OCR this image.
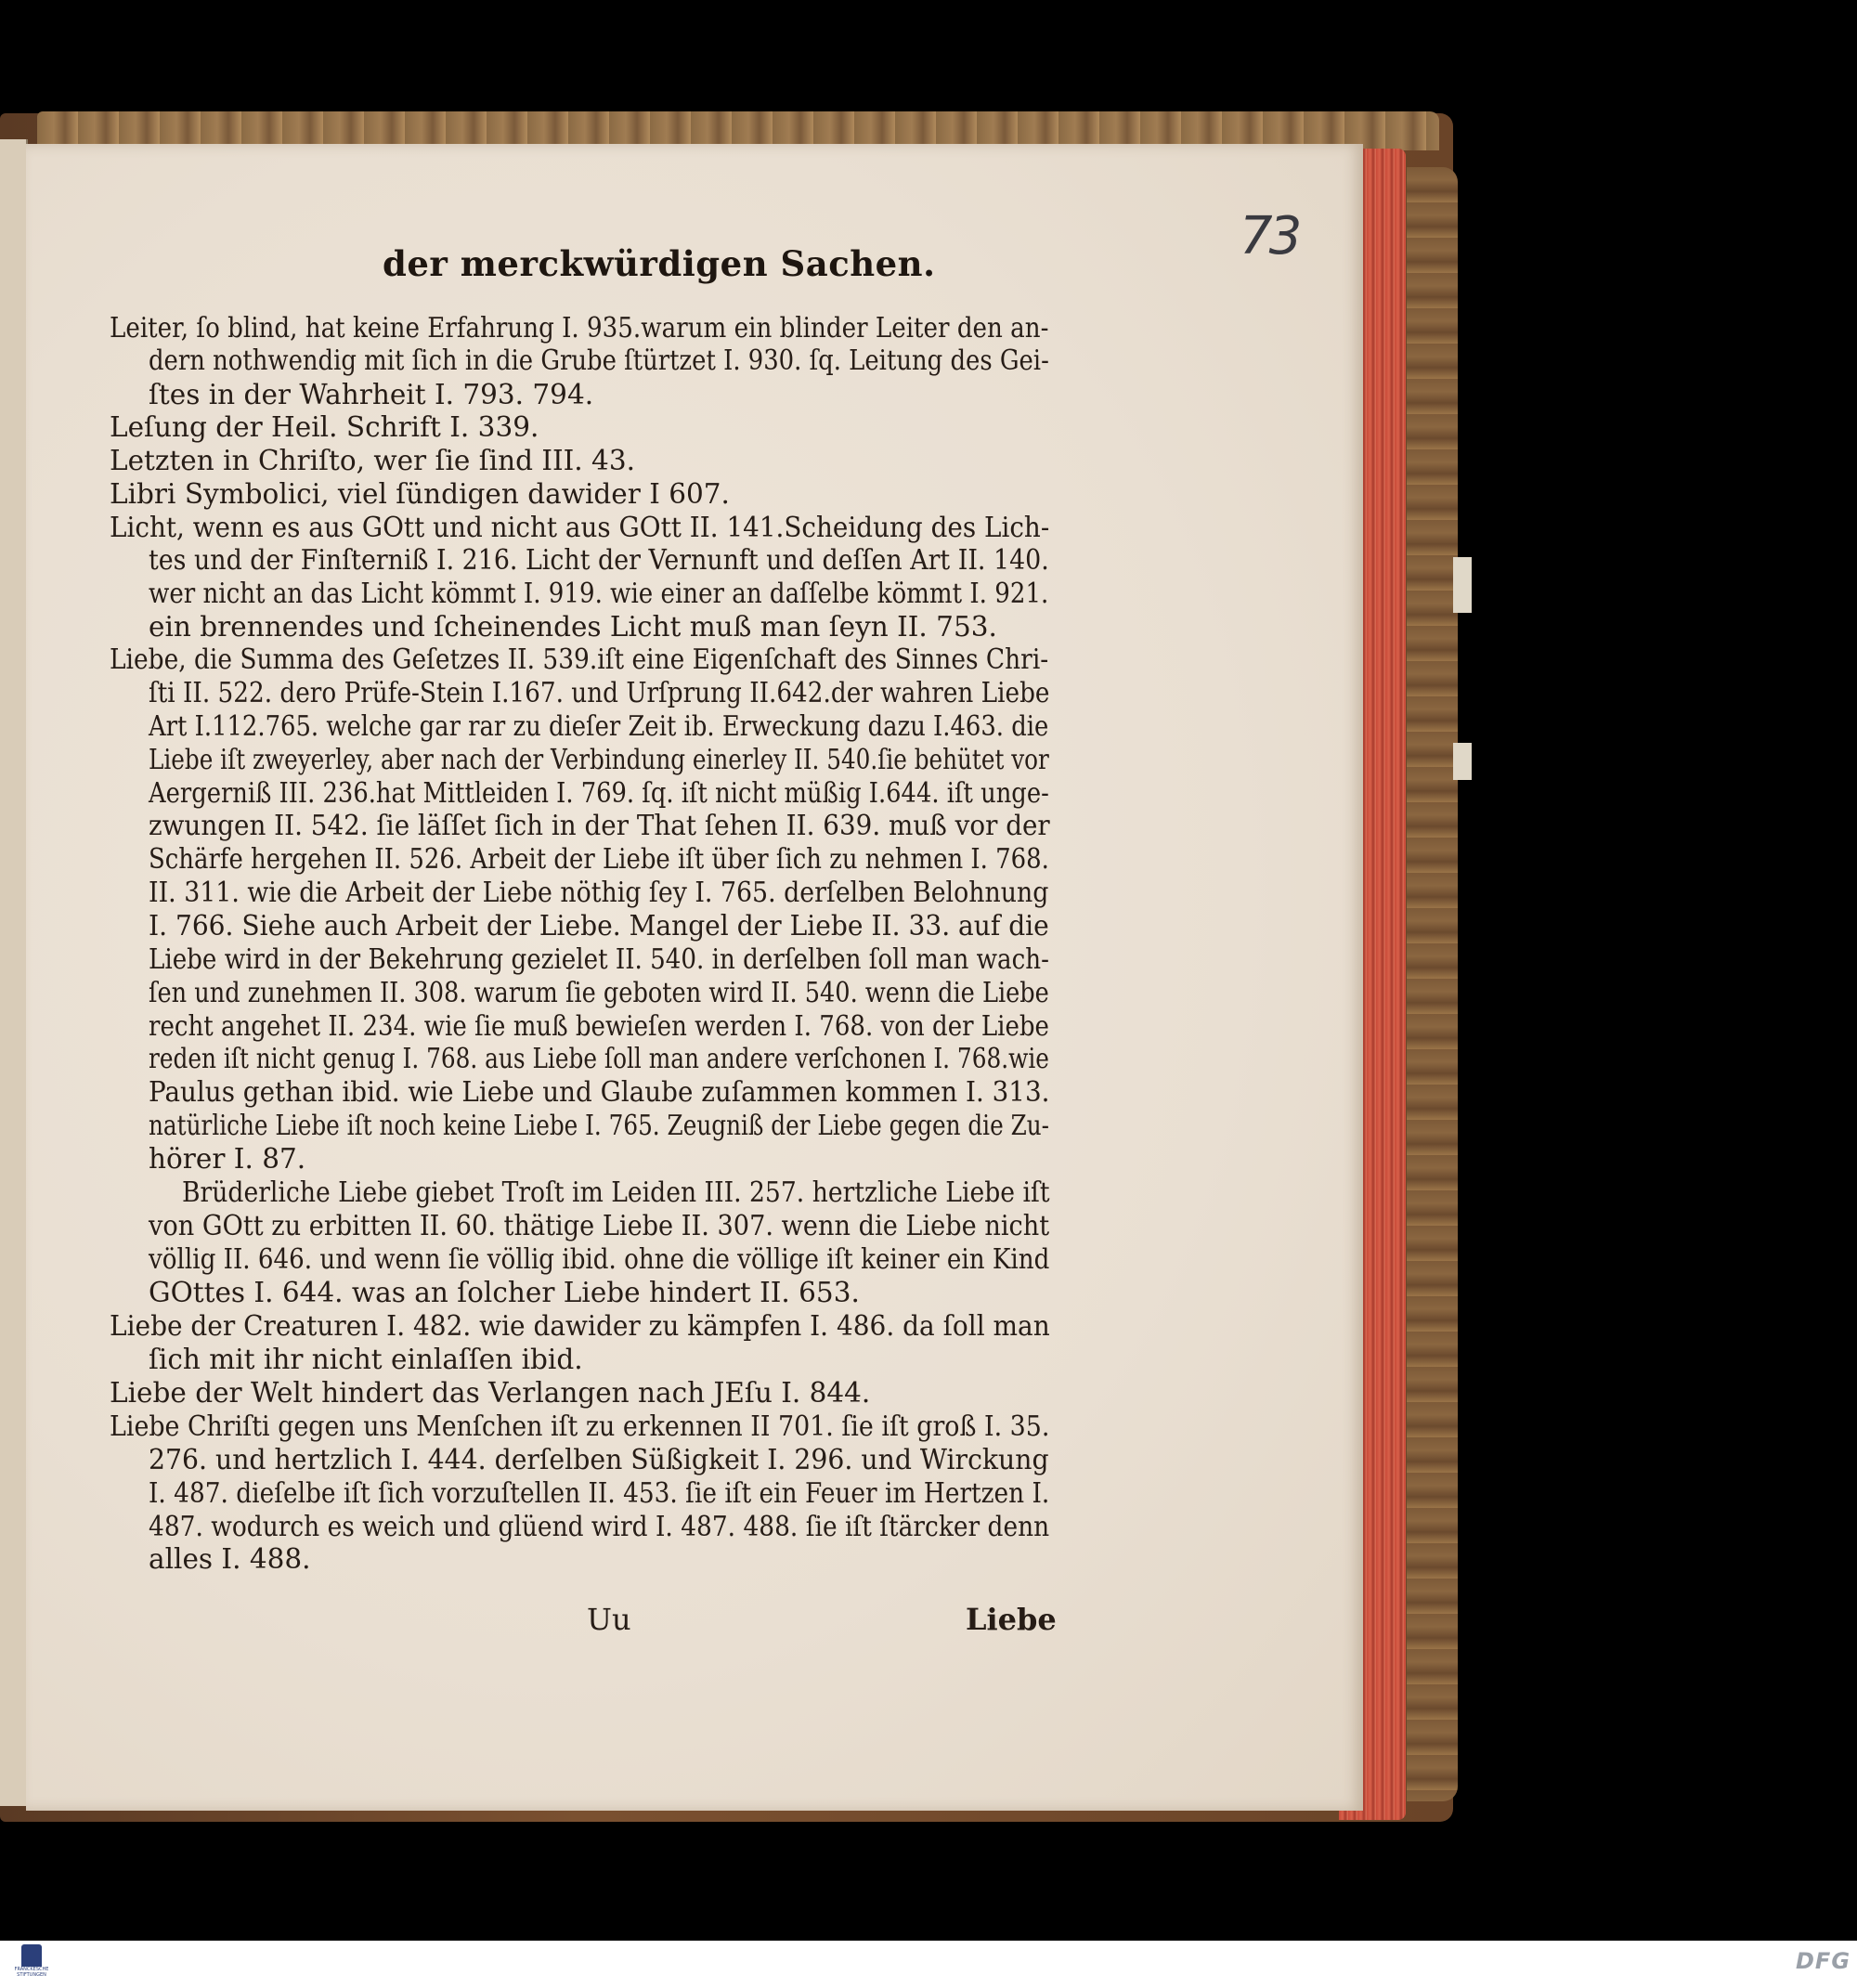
der merckwürdigen Sachen.	73
Leiter, ſo blind, hat keine Erfahrung I. 935.warum ein blinder Leiter den an-
dern nothwendig mit ſich in die Grube ſtürtzet I. 930. ſq. Leitung des Gei-
ſtes in der Wahrheit I. 793. 794.
Leſung der Heil. Schrift I. 339.
Letzten in Chriſto, wer ſie ſind III. 43.
Libri Symbolici, viel ſündigen dawider I 607.
Licht, wenn es aus GOtt und nicht aus GOtt II. 141.Scheidung des Lich-
tes und der Finſterniß I. 216. Licht der Vernunft und deſſen Art II. 140.
wer nicht an das Licht kömmt I. 919. wie einer an daſſelbe kömmt I. 921.
ein brennendes und ſcheinendes Licht muß man ſeyn II. 753.
Liebe, die Summa des Geſetzes II. 539.iſt eine Eigenſchaft des Sinnes Chri-
ſti II. 522. dero Prüfe-Stein I.167. und Urſprung II.642.der wahren Liebe
Art I.112.765. welche gar rar zu dieſer Zeit ib. Erweckung dazu I.463. die
Liebe iſt zweyerley, aber nach der Verbindung einerley II. 540.ſie behütet vor
Aergerniß III. 236.hat Mittleiden I. 769. ſq. iſt nicht müßig I.644. iſt unge-
zwungen II. 542. ſie läſſet ſich in der That ſehen II. 639. muß vor der
Schärfe hergehen II. 526. Arbeit der Liebe iſt über ſich zu nehmen I. 768.
II. 311. wie die Arbeit der Liebe nöthig ſey I. 765. derſelben Belohnung
I. 766. Siehe auch Arbeit der Liebe. Mangel der Liebe II. 33. auf die
Liebe wird in der Bekehrung gezielet II. 540. in derſelben ſoll man wach-
ſen und zunehmen II. 308. warum ſie geboten wird II. 540. wenn die Liebe
recht angehet II. 234. wie ſie muß bewieſen werden I. 768. von der Liebe
reden iſt nicht genug I. 768. aus Liebe ſoll man andere verſchonen I. 768.wie
Paulus gethan ibid. wie Liebe und Glaube zuſammen kommen I. 313.
natürliche Liebe iſt noch keine Liebe I. 765. Zeugniß der Liebe gegen die Zu-
hörer I. 87.
Brüderliche Liebe giebet Troſt im Leiden III. 257. hertzliche Liebe iſt
von GOtt zu erbitten II. 60. thätige Liebe II. 307. wenn die Liebe nicht
völlig II. 646. und wenn ſie völlig ibid. ohne die völlige iſt keiner ein Kind
GOttes I. 644. was an ſolcher Liebe hindert II. 653.
Liebe der Creaturen I. 482. wie dawider zu kämpfen I. 486. da ſoll man
ſich mit ihr nicht einlaſſen ibid.
Liebe der Welt hindert das Verlangen nach JEſu I. 844.
Liebe Chriſti gegen uns Menſchen iſt zu erkennen II 701. ſie iſt groß I. 35.
276. und hertzlich I. 444. derſelben Süßigkeit I. 296. und Wirckung
I. 487. dieſelbe iſt ſich vorzuſtellen II. 453. ſie iſt ein Feuer im Hertzen I.
487. wodurch es weich und glüend wird I. 487. 488. ſie iſt ſtärcker denn
alles I. 488.
Uu	Liebe
FRANCKESCHE STIFTUNGEN
DFG
